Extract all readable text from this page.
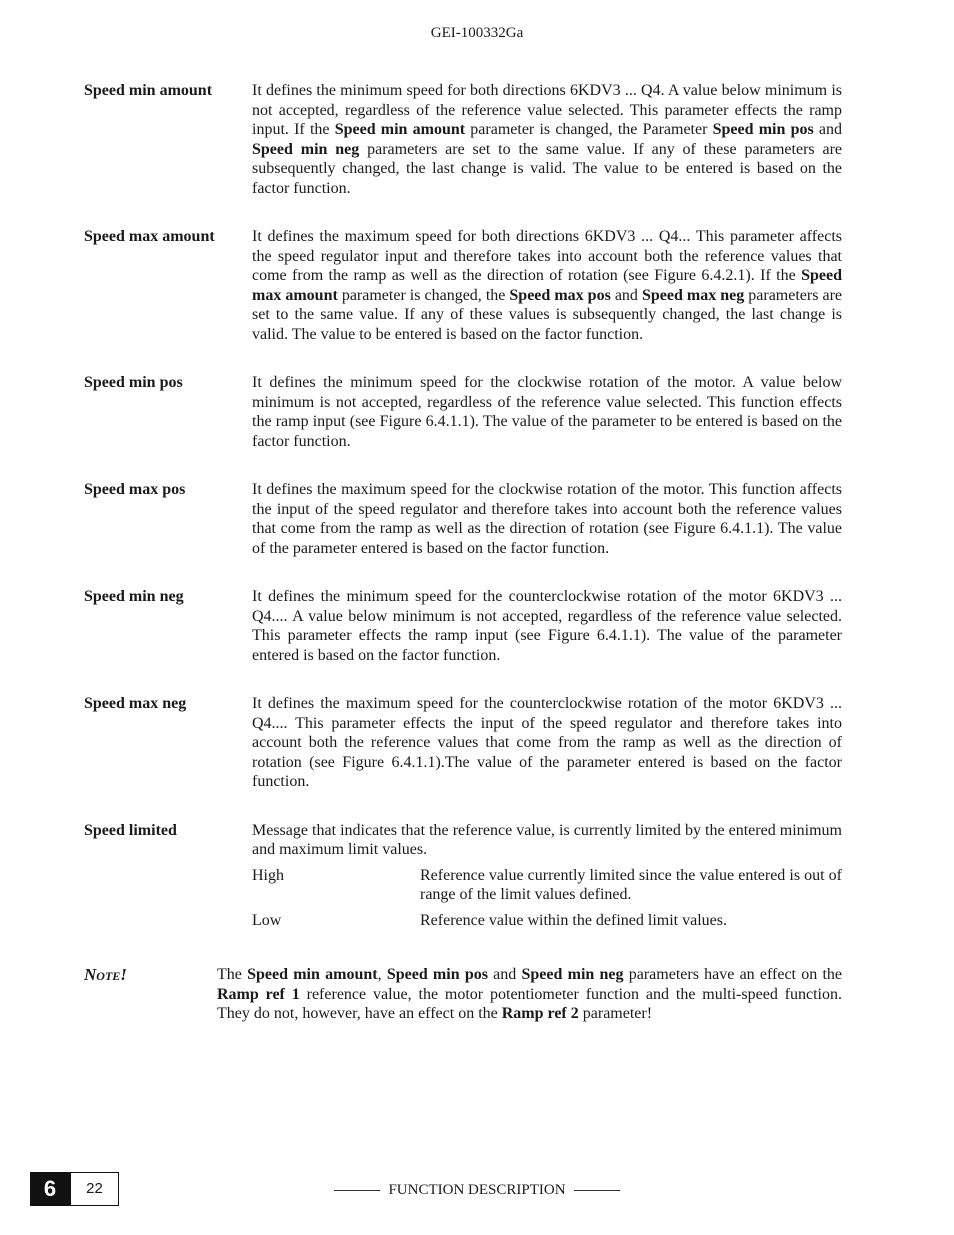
GEI-100332Ga
Speed min amount	It defines the minimum speed for both directions 6KDV3 ... Q4. A value below minimum is not accepted, regardless of the reference value selected. This parameter effects the ramp input. If the Speed min amount parameter is changed, the Parameter Speed min pos and Speed min neg parameters are set to the same value. If any of these parameters are subsequently changed, the last change is valid. The value to be entered is based on the factor function.
Speed max amount	It defines the maximum speed for both directions 6KDV3 ... Q4... This parameter affects the speed regulator input and therefore takes into account both the reference values that come from the ramp as well as the direction of rotation (see Figure 6.4.2.1). If the Speed max amount parameter is changed, the Speed max pos and Speed max neg parameters are set to the same value. If any of these values is subsequently changed, the last change is valid. The value to be entered is based on the factor function.
Speed min pos	It defines the minimum speed for the clockwise rotation of the motor. A value below minimum is not accepted, regardless of the reference value selected. This function effects the ramp input (see Figure 6.4.1.1). The value of the parameter to be entered is based on the factor function.
Speed max pos	It defines the maximum speed for the clockwise rotation of the motor. This function affects the input of the speed regulator and therefore takes into account both the reference values that come from the ramp as well as the direction of rotation (see Figure 6.4.1.1). The value of the parameter entered is based on the factor function.
Speed min neg	It defines the minimum speed for the counterclockwise rotation of the motor 6KDV3 ... Q4.... A value below minimum is not accepted, regardless of the reference value selected. This parameter effects the ramp input (see Figure 6.4.1.1). The value of the parameter entered is based on the factor function.
Speed max neg	It defines the maximum speed for the counterclockwise rotation of the motor 6KDV3 ... Q4.... This parameter effects the input of the speed regulator and therefore takes into account both the reference values that come from the ramp as well as the direction of rotation (see Figure 6.4.1.1).The value of the parameter entered is based on the factor function.
Speed limited	Message that indicates that the reference value, is currently limited by the entered minimum and maximum limit values.
High	Reference value currently limited since the value entered is out of range of the limit values defined.
Low	Reference value within the defined limit values.
Note!	The Speed min amount, Speed min pos and Speed min neg parameters have an effect on the Ramp ref 1 reference value, the motor potentiometer function and the multi-speed function. They do not, however, have an effect on the Ramp ref 2 parameter!
6	22	FUNCTION DESCRIPTION
